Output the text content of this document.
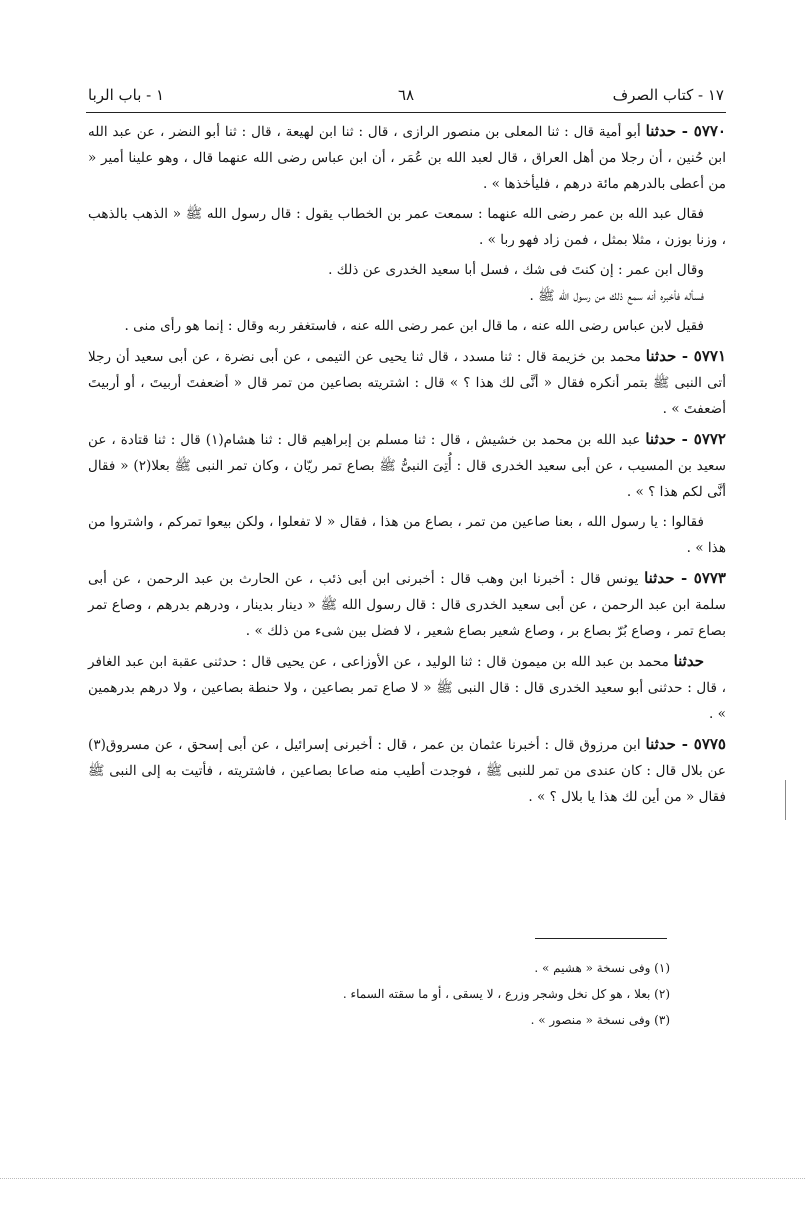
١٧ - كتاب الصرف
٦٨
١ - باب الربا

٥٧٧٠ - حدثنا أبو أمية قال : ثنا المعلى بن منصور الرازى ، قال : ثنا ابن لهيعة ، قال : ثنا أبو النضر ، عن عبد الله ابن حُنين ، أن رجلا من أهل العراق ، قال لعبد الله بن عُمَر ، أن ابن عباس رضى الله عنهما قال ، وهو علينا أمير « من أعطى بالدرهم مائة درهم ، فليأخذها » .

فقال عبد الله بن عمر رضى الله عنهما : سمعت عمر بن الخطاب يقول : قال رسول الله ﷺ « الذهب بالذهب ، وزنا بوزن ، مثلا بمثل ، فمن زاد فهو ربا » .

وقال ابن عمر : إن كنتَ فى شك ، فسل أبا سعيد الخدرى عن ذلك .

فسأله فأخبره أنه سمع ذلك من رسول الله ﷺ .

فقيل لابن عباس رضى الله عنه ، ما قال ابن عمر رضى الله عنه ، فاستغفر ربه وقال : إنما هو رأى منى .

٥٧٧١ - حدثنا محمد بن خزيمة قال : ثنا مسدد ، قال ثنا يحيى عن التيمى ، عن أبى نضرة ، عن أبى سعيد أن رجلا أتى النبى ﷺ بتمر أنكره فقال « أنَّى لك هذا ؟ » قال : اشتريته بصاعين من تمر قال « أضعفتَ أربيتَ ، أو أربيتَ أضعفتَ » .

٥٧٧٢ - حدثنا عبد الله بن محمد بن خشيش ، قال : ثنا مسلم بن إبراهيم قال : ثنا هشام(١) قال : ثنا قتادة ، عن سعيد بن المسيب ، عن أبى سعيد الخدرى قال : أُتِىَ النبىُّ ﷺ بصاع تمر ريّان ، وكان تمر النبى ﷺ بعلا(٢) « فقال أنَّى لكم هذا ؟ » .

فقالوا : يا رسول الله ، بعنا صاعين من تمر ، بصاع من هذا ، فقال « لا تفعلوا ، ولكن بيعوا تمركم ، واشتروا من هذا » .

٥٧٧٣ - حدثنا يونس قال : أخبرنا ابن وهب قال : أخبرنى ابن أبى ذئب ، عن الحارث بن عبد الرحمن ، عن أبى سلمة ابن عبد الرحمن ، عن أبى سعيد الخدرى قال : قال رسول الله ﷺ « دينار بدينار ، ودرهم بدرهم ، وصاع تمر بصاع تمر ، وصاع بُرّ بصاع بر ، وصاع شعير بصاع شعير ، لا فضل بين شىء من ذلك » .

حدثنا محمد بن عبد الله بن ميمون قال : ثنا الوليد ، عن الأوزاعى ، عن يحيى قال : حدثنى عقبة ابن عبد الغافر ، قال : حدثنى أبو سعيد الخدرى قال : قال النبى ﷺ « لا صاع تمر بصاعين ، ولا حنطة بصاعين ، ولا درهم بدرهمين » .

٥٧٧٥ - حدثنا ابن مرزوق قال : أخبرنا عثمان بن عمر ، قال : أخبرنى إسرائيل ، عن أبى إسحق ، عن مسروق(٣) عن بلال قال : كان عندى من تمر للنبى ﷺ ، فوجدت أطيب منه صاعا بصاعين ، فاشتريته ، فأتيت به إلى النبى ﷺ فقال « من أين لك هذا يا بلال ؟ » .

(١) وفى نسخة « هشيم » .

(٢) بعلا ، هو كل نخل وشجر وزرع ، لا يسقى ، أو ما سقته السماء .

(٣) وفى نسخة « منصور » .
